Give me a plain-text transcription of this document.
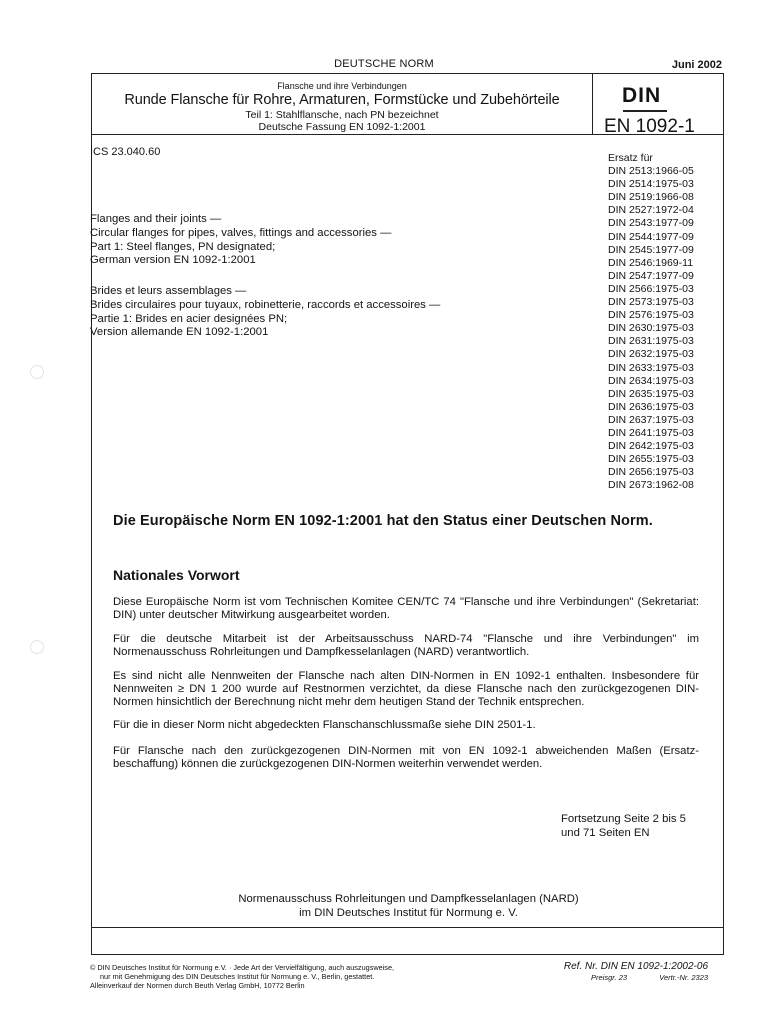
DEUTSCHE NORM	Juni 2002
Flansche und ihre Verbindungen
Runde Flansche für Rohre, Armaturen, Formstücke und Zubehörteile
Teil 1: Stahlflansche, nach PN bezeichnet
Deutsche Fassung EN 1092-1:2001
DIN
EN 1092-1
ICS 23.040.60
Flanges and their joints —
Circular flanges for pipes, valves, fittings and accessories —
Part 1: Steel flanges, PN designated;
German version EN 1092-1:2001
Brides et leurs assemblages —
Brides circulaires pour tuyaux, robinetterie, raccords et accessoires —
Partie 1: Brides en acier designées PN;
Version allemande EN 1092-1:2001
Ersatz für
DIN 2513:1966-05
DIN 2514:1975-03
DIN 2519:1966-08
DIN 2527:1972-04
DIN 2543:1977-09
DIN 2544:1977-09
DIN 2545:1977-09
DIN 2546:1969-11
DIN 2547:1977-09
DIN 2566:1975-03
DIN 2573:1975-03
DIN 2576:1975-03
DIN 2630:1975-03
DIN 2631:1975-03
DIN 2632:1975-03
DIN 2633:1975-03
DIN 2634:1975-03
DIN 2635:1975-03
DIN 2636:1975-03
DIN 2637:1975-03
DIN 2641:1975-03
DIN 2642:1975-03
DIN 2655:1975-03
DIN 2656:1975-03
DIN 2673:1962-08
Die Europäische Norm EN 1092-1:2001 hat den Status einer Deutschen Norm.
Nationales Vorwort
Diese Europäische Norm ist vom Technischen Komitee CEN/TC 74 "Flansche und ihre Verbindungen" (Sekretariat: DIN) unter deutscher Mitwirkung ausgearbeitet worden.
Für die deutsche Mitarbeit ist der Arbeitsausschuss NARD-74 "Flansche und ihre Verbindungen" im Normenausschuss Rohrleitungen und Dampfkesselanlagen (NARD) verantwortlich.
Es sind nicht alle Nennweiten der Flansche nach alten DIN-Normen in EN 1092-1 enthalten. Insbesondere für Nennweiten ≥ DN 1 200 wurde auf Restnormen verzichtet, da diese Flansche nach den zurückgezogenen DIN-Normen hinsichtlich der Berechnung nicht mehr dem heutigen Stand der Technik entsprechen.
Für die in dieser Norm nicht abgedeckten Flanschanschlussmaße siehe DIN 2501-1.
Für Flansche nach den zurückgezogenen DIN-Normen mit von EN 1092-1 abweichenden Maßen (Ersatz- beschaffung) können die zurückgezogenen DIN-Normen weiterhin verwendet werden.
Fortsetzung Seite 2 bis 5
und 71 Seiten EN
Normenausschuss Rohrleitungen und Dampfkesselanlagen (NARD)
im DIN Deutsches Institut für Normung e. V.
© DIN Deutsches Institut für Normung e.V. · Jede Art der Vervielfältigung, auch auszugsweise,
nur mit Genehmigung des DIN Deutsches Institut für Normung e. V., Berlin, gestattet.
Alleinverkauf der Normen durch Beuth Verlag GmbH, 10772 Berlin
Ref. Nr. DIN EN 1092-1:2002-06
Preisgr. 23	Vertr.-Nr. 2323
